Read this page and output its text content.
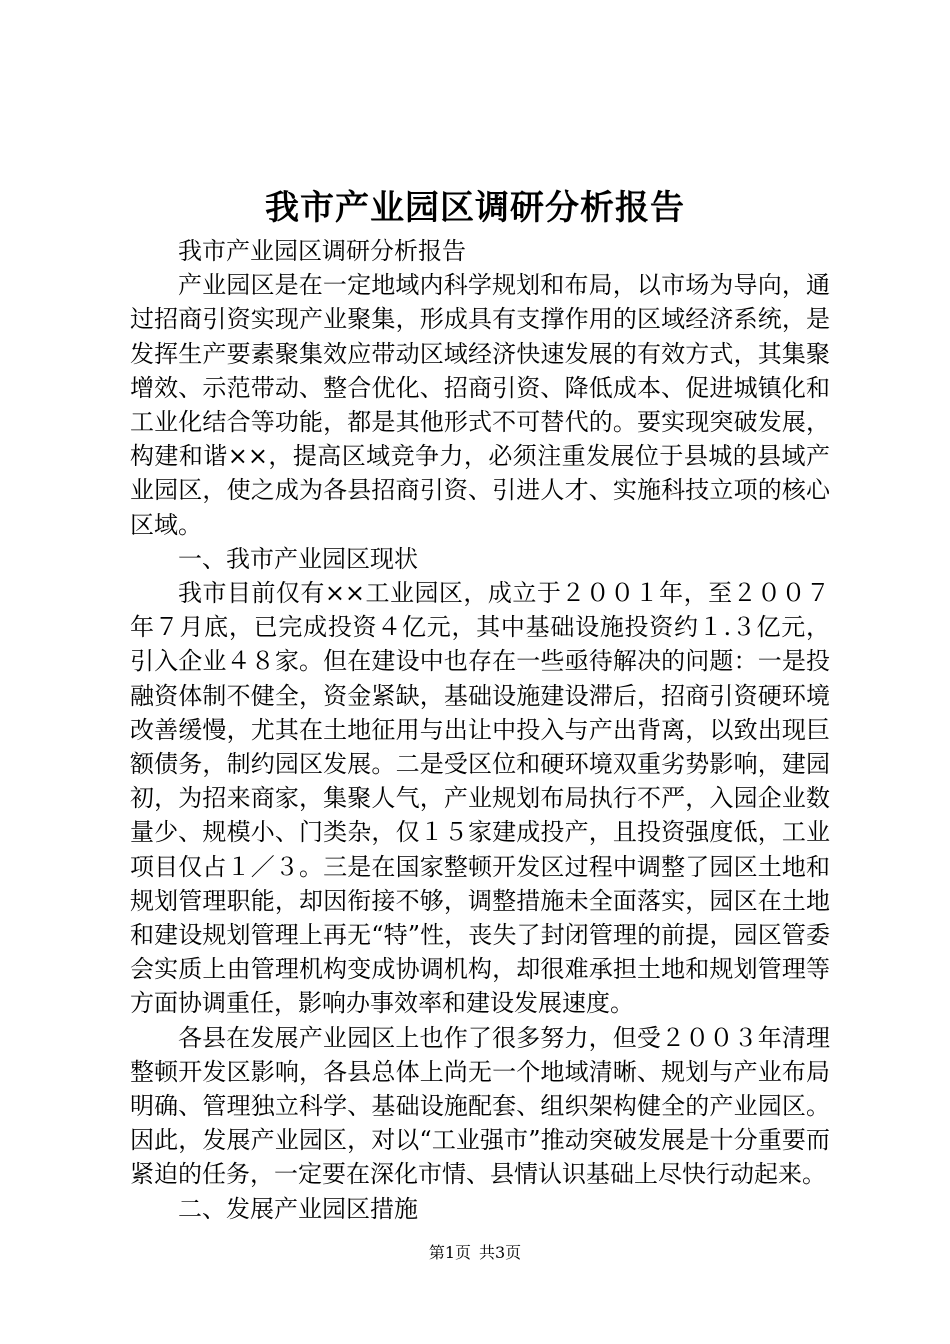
我市产业园区调研分析报告

我市产业园区调研分析报告

产业园区是在一定地域内科学规划和布局，以市场为导向，通过招商引资实现产业聚集，形成具有支撑作用的区域经济系统，是发挥生产要素聚集效应带动区域经济快速发展的有效方式，其集聚增效、示范带动、整合优化、招商引资、降低成本、促进城镇化和工业化结合等功能，都是其他形式不可替代的。要实现突破发展，构建和谐××，提高区域竞争力，必须注重发展位于县城的县域产业园区，使之成为各县招商引资、引进人才、实施科技立项的核心区域。

一、我市产业园区现状

我市目前仅有××工业园区，成立于２００１年，至２００７年７月底，已完成投资４亿元，其中基础设施投资约１.３亿元，引入企业４８家。但在建设中也存在一些亟待解决的问题：一是投融资体制不健全，资金紧缺，基础设施建设滞后，招商引资硬环境改善缓慢，尤其在土地征用与出让中投入与产出背离，以致出现巨额债务，制约园区发展。二是受区位和硬环境双重劣势影响，建园初，为招来商家，集聚人气，产业规划布局执行不严，入园企业数量少、规模小、门类杂，仅１５家建成投产，且投资强度低，工业项目仅占１／３。三是在国家整顿开发区过程中调整了园区土地和规划管理职能，却因衔接不够，调整措施未全面落实，园区在土地和建设规划管理上再无“特”性，丧失了封闭管理的前提，园区管委会实质上由管理机构变成协调机构，却很难承担土地和规划管理等方面协调重任，影响办事效率和建设发展速度。

各县在发展产业园区上也作了很多努力，但受２００３年清理整顿开发区影响，各县总体上尚无一个地域清晰、规划与产业布局明确、管理独立科学、基础设施配套、组织架构健全的产业园区。因此，发展产业园区，对以“工业强市”推动突破发展是十分重要而紧迫的任务，一定要在深化市情、县情认识基础上尽快行动起来。

二、发展产业园区措施

第1页 共3页
